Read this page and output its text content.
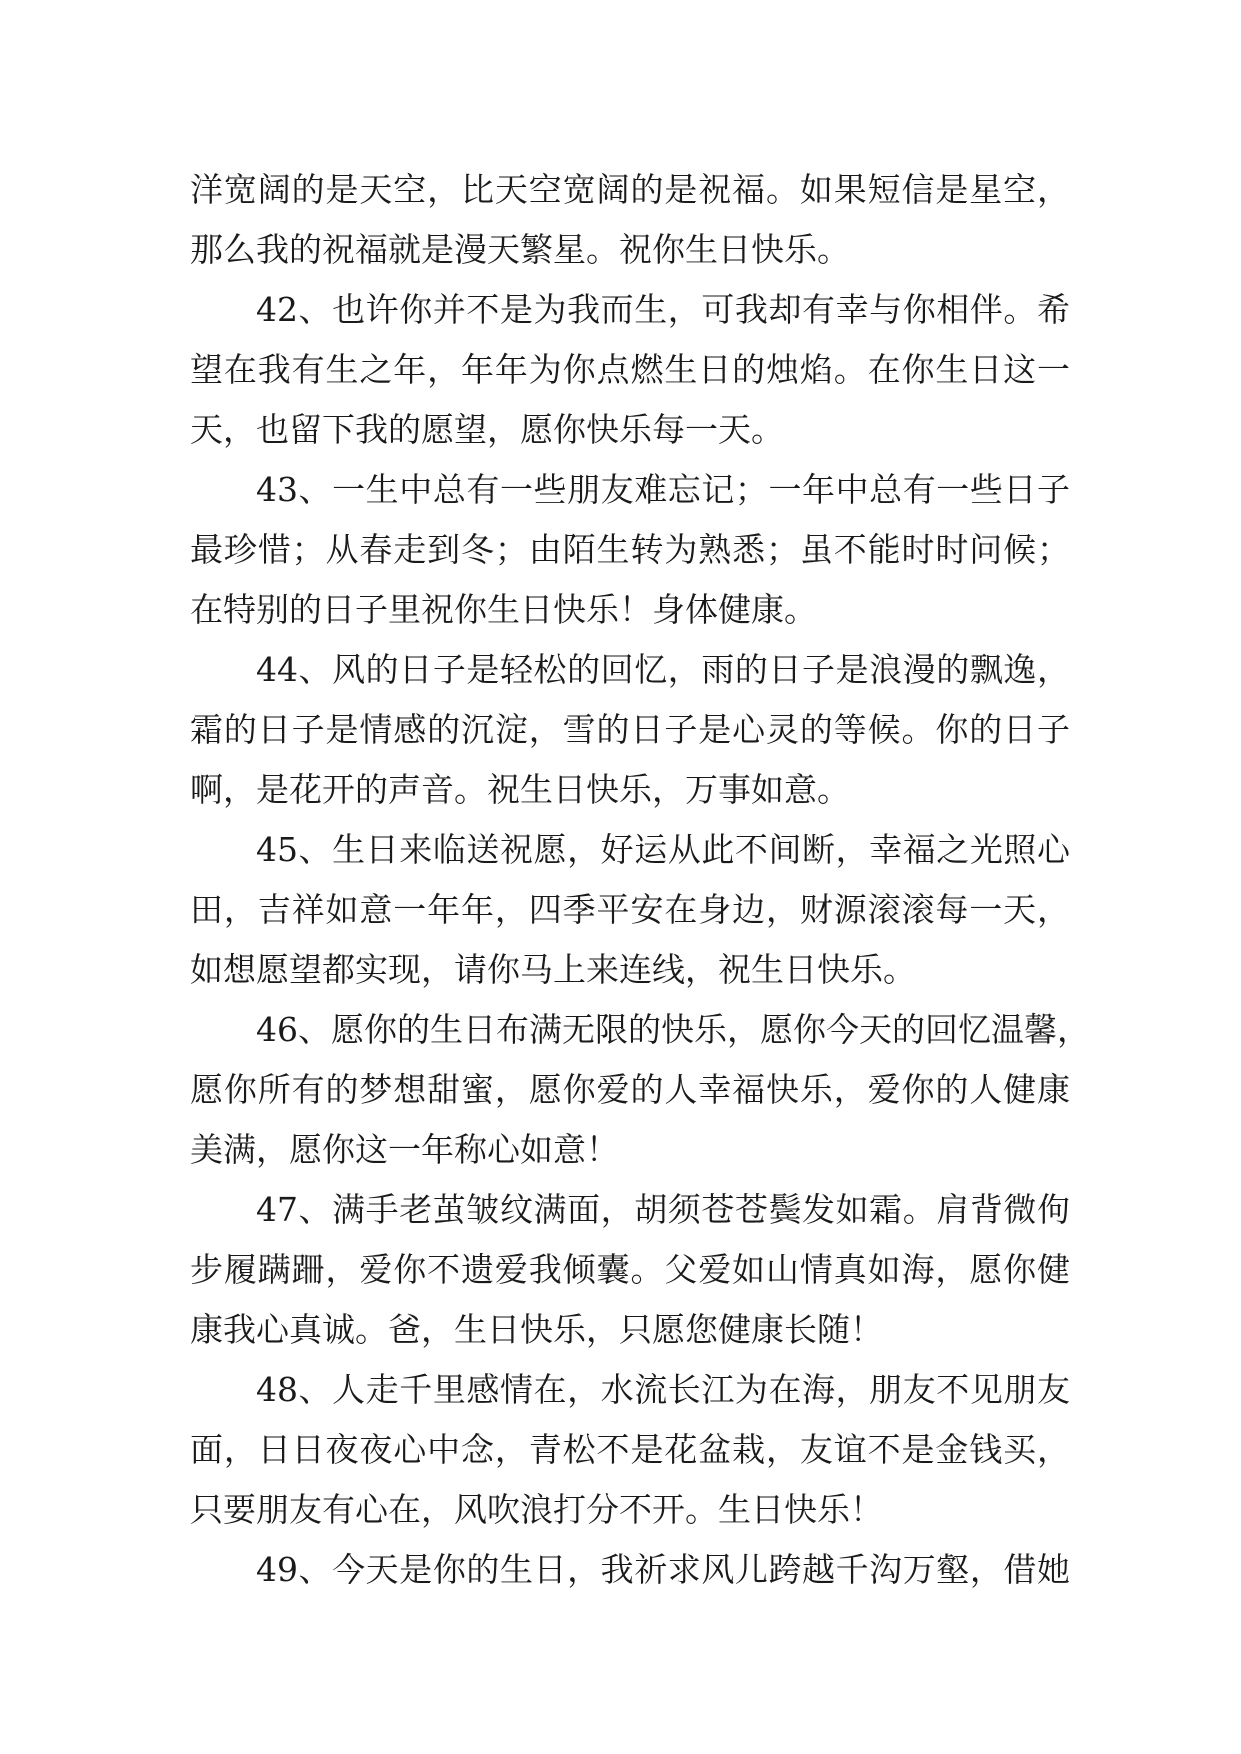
洋宽阔的是天空，比天空宽阔的是祝福。如果短信是星空，
那么我的祝福就是漫天繁星。祝你生日快乐。
42、也许你并不是为我而生，可我却有幸与你相伴。希
望在我有生之年，年年为你点燃生日的烛焰。在你生日这一
天，也留下我的愿望，愿你快乐每一天。
43、一生中总有一些朋友难忘记；一年中总有一些日子
最珍惜；从春走到冬；由陌生转为熟悉；虽不能时时问候；
在特别的日子里祝你生日快乐！身体健康。
44、风的日子是轻松的回忆，雨的日子是浪漫的飘逸，
霜的日子是情感的沉淀，雪的日子是心灵的等候。你的日子
啊，是花开的声音。祝生日快乐，万事如意。
45、生日来临送祝愿，好运从此不间断，幸福之光照心
田，吉祥如意一年年，四季平安在身边，财源滚滚每一天，
如想愿望都实现，请你马上来连线，祝生日快乐。
46、愿你的生日布满无限的快乐，愿你今天的回忆温馨，
愿你所有的梦想甜蜜，愿你爱的人幸福快乐，爱你的人健康
美满，愿你这一年称心如意！
47、满手老茧皱纹满面，胡须苍苍鬓发如霜。肩背微佝
步履蹒跚，爱你不遗爱我倾囊。父爱如山情真如海，愿你健
康我心真诚。爸，生日快乐，只愿您健康长随！
48、人走千里感情在，水流长江为在海，朋友不见朋友
面，日日夜夜心中念，青松不是花盆栽，友谊不是金钱买，
只要朋友有心在，风吹浪打分不开。生日快乐！
49、今天是你的生日，我祈求风儿跨越千沟万壑，借她
